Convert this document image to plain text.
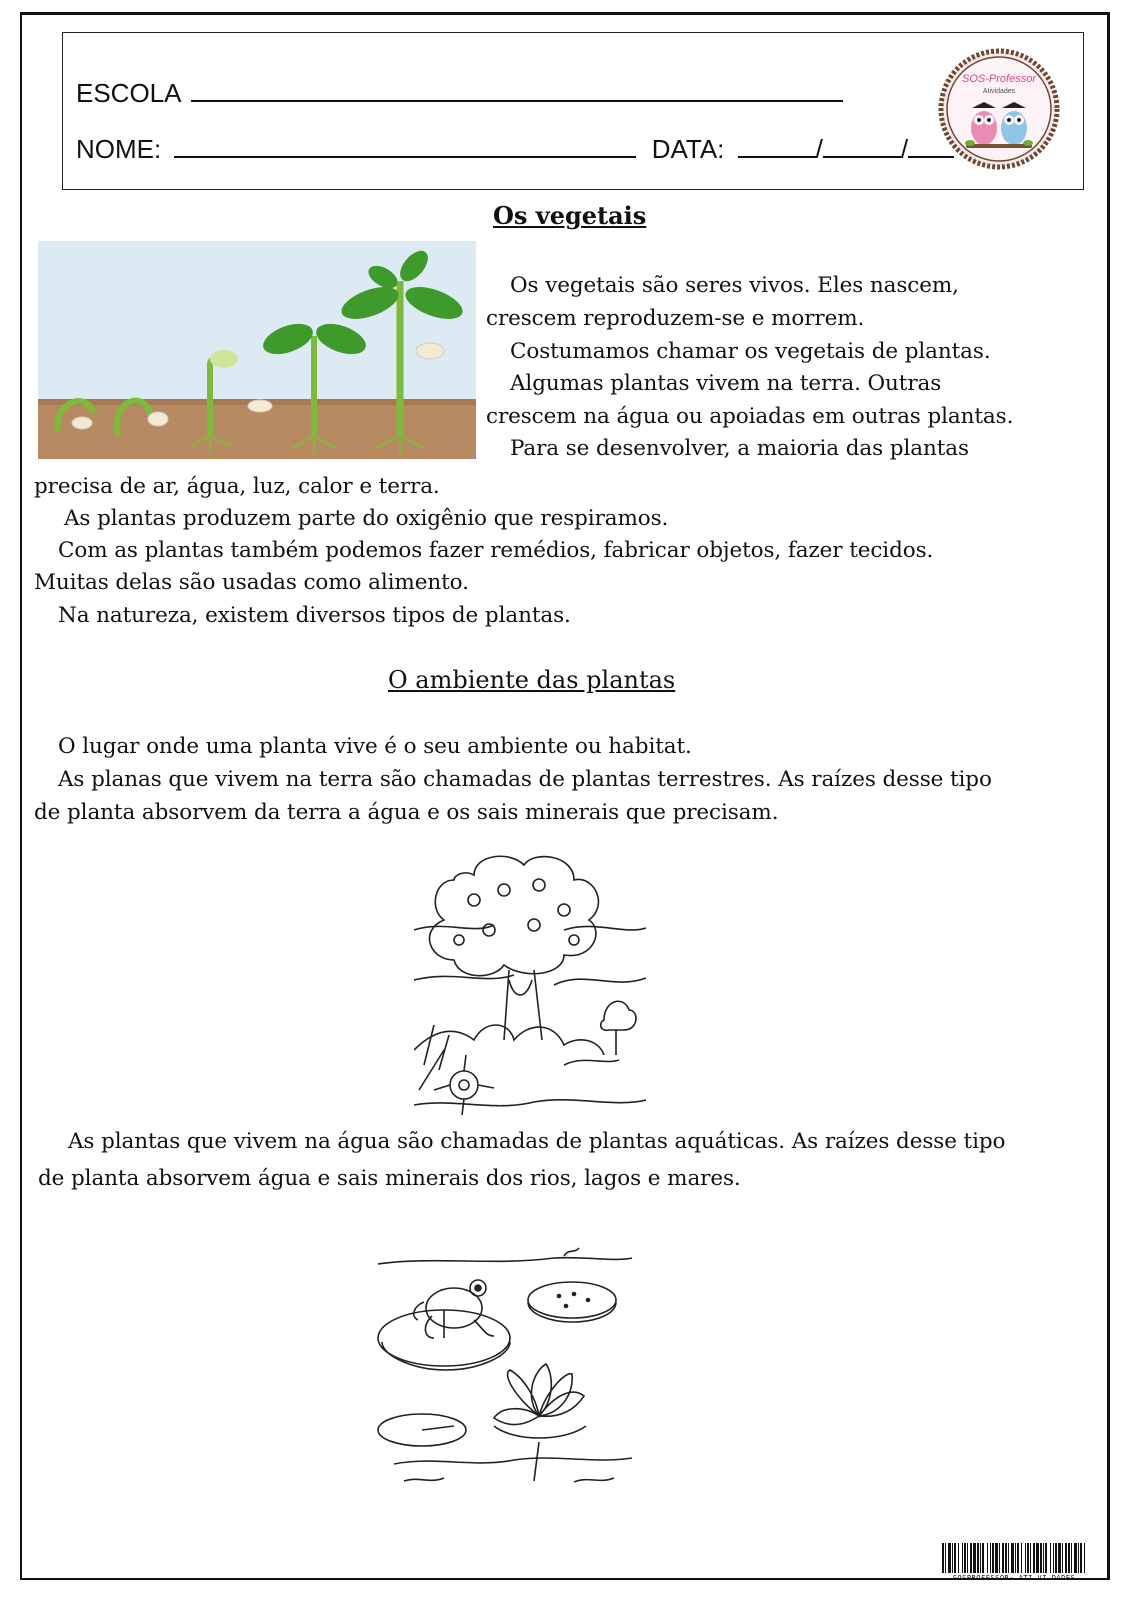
ESCOLA
NOME:	DATA:	/	/
SOS-Professor
Atividades
Os vegetais
Os vegetais são seres vivos. Eles nascem,
crescem reproduzem-se e morrem.
Costumamos chamar os vegetais de plantas.
Algumas plantas vivem na terra. Outras
crescem na água ou apoiadas em outras plantas.
Para se desenvolver, a maioria das plantas
precisa de ar, água, luz, calor e terra.
As plantas produzem parte do oxigênio que respiramos.
Com as plantas também podemos fazer remédios, fabricar objetos, fazer tecidos.
Muitas delas são usadas como alimento.
Na natureza, existem diversos tipos de plantas.
O ambiente das plantas
O lugar onde uma planta vive é o seu ambiente ou habitat.
As planas que vivem na terra são chamadas de plantas terrestres. As raízes desse tipo
de planta absorvem da terra a água e os sais minerais que precisam.
As plantas que vivem na água são chamadas de plantas aquáticas. As raízes desse tipo
de planta absorvem água e sais minerais dos rios, lagos e mares.
SOSPROFESSOR- ATI VI DADES
